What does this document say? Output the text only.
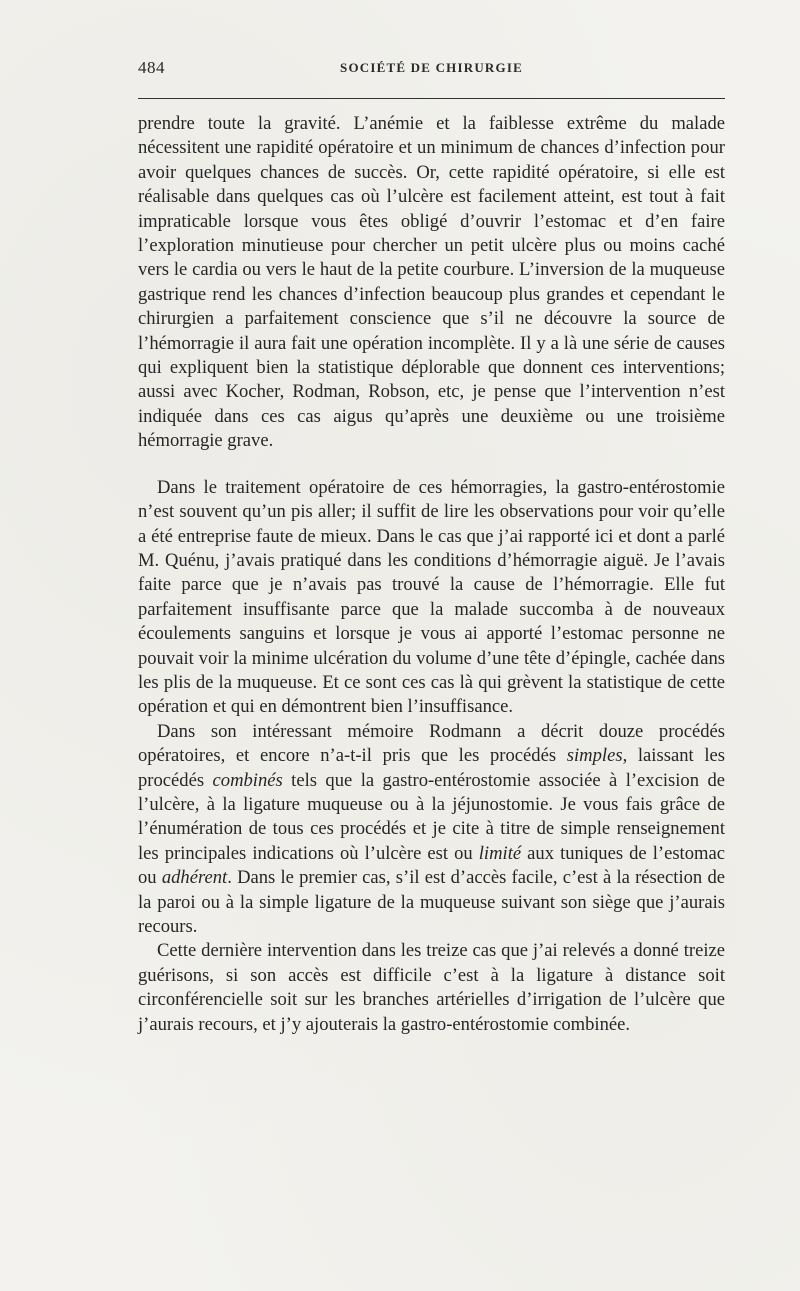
484	SOCIÉTÉ DE CHIRURGIE

prendre toute la gravité. L’anémie et la faiblesse extrême du malade nécessitent une rapidité opératoire et un minimum de chances d’infection pour avoir quelques chances de succès. Or, cette rapidité opératoire, si elle est réalisable dans quelques cas où l’ulcère est facilement atteint, est tout à fait impraticable lorsque vous êtes obligé d’ouvrir l’estomac et d’en faire l’exploration minutieuse pour chercher un petit ulcère plus ou moins caché vers le cardia ou vers le haut de la petite courbure. L’inversion de la muqueuse gastrique rend les chances d’infection beaucoup plus grandes et cependant le chirurgien a parfaitement conscience que s’il ne découvre la source de l’hémorragie il aura fait une opération incomplète. Il y a là une série de causes qui expliquent bien la statistique déplorable que donnent ces interventions; aussi avec Kocher, Rodman, Robson, etc, je pense que l’intervention n’est indiquée dans ces cas aigus qu’après une deuxième ou une troisième hémorragie grave.

Dans le traitement opératoire de ces hémorragies, la gastro-entérostomie n’est souvent qu’un pis aller; il suffit de lire les observations pour voir qu’elle a été entreprise faute de mieux. Dans le cas que j’ai rapporté ici et dont a parlé M. Quénu, j’avais pratiqué dans les conditions d’hémorragie aiguë. Je l’avais faite parce que je n’avais pas trouvé la cause de l’hémorragie. Elle fut parfaitement insuffisante parce que la malade succomba à de nouveaux écoulements sanguins et lorsque je vous ai apporté l’estomac personne ne pouvait voir la minime ulcération du volume d’une tête d’épingle, cachée dans les plis de la muqueuse. Et ce sont ces cas là qui grèvent la statistique de cette opération et qui en démontrent bien l’insuffisance.

Dans son intéressant mémoire Rodmann a décrit douze procédés opératoires, et encore n’a-t-il pris que les procédés simples, laissant les procédés combinés tels que la gastro-entérostomie associée à l’excision de l’ulcère, à la ligature muqueuse ou à la jéjunostomie. Je vous fais grâce de l’énumération de tous ces procédés et je cite à titre de simple renseignement les principales indications où l’ulcère est ou limité aux tuniques de l’estomac ou adhérent. Dans le premier cas, s’il est d’accès facile, c’est à la résection de la paroi ou à la simple ligature de la muqueuse suivant son siège que j’aurais recours.

Cette dernière intervention dans les treize cas que j’ai relevés a donné treize guérisons, si son accès est difficile c’est à la ligature à distance soit circonférencielle soit sur les branches artérielles d’irrigation de l’ulcère que j’aurais recours, et j’y ajouterais la gastro-entérostomie combinée.
